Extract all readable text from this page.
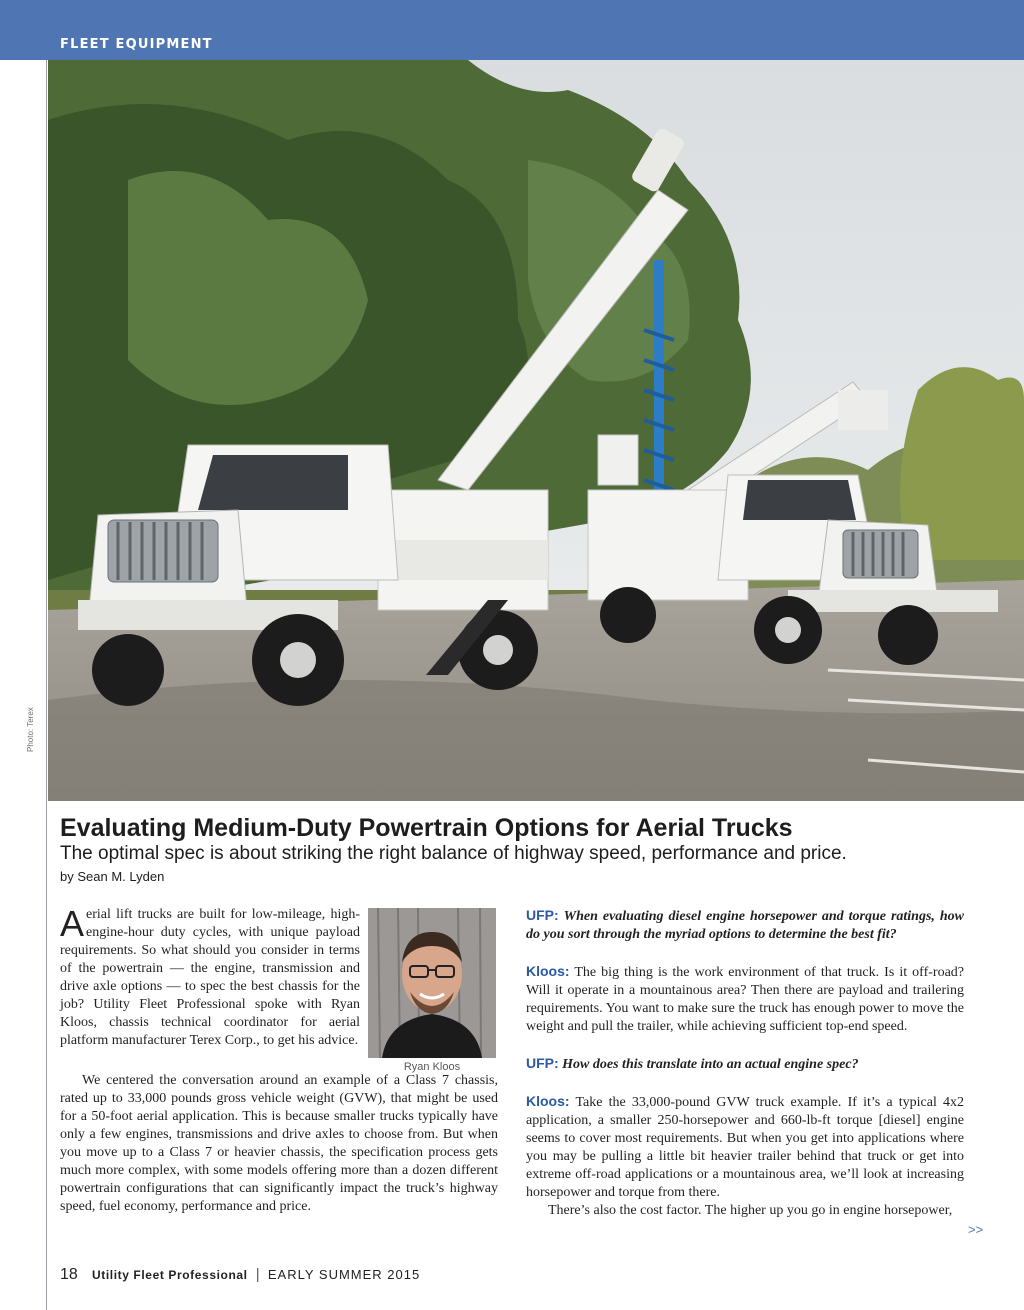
FLEET EQUIPMENT
Photo: Terex
Evaluating Medium-Duty Powertrain Options for Aerial Trucks
The optimal spec is about striking the right balance of highway speed, performance and price.
by Sean M. Lyden
Aerial lift trucks are built for low-mileage, high-engine-hour duty cycles, with unique payload requirements. So what should you consider in terms of the powertrain — the engine, transmission and drive axle options — to spec the best chassis for the job? Utility Fleet Professional spoke with Ryan Kloos, chassis technical coordinator for aerial platform manufacturer Terex Corp., to get his advice.
Ryan Kloos
We centered the conversation around an example of a Class 7 chassis, rated up to 33,000 pounds gross vehicle weight (GVW), that might be used for a 50-foot aerial application. This is because smaller trucks typically have only a few engines, transmissions and drive axles to choose from. But when you move up to a Class 7 or heavier chassis, the specification process gets much more complex, with some models offering more than a dozen different powertrain configurations that can significantly impact the truck’s highway speed, fuel economy, performance and price.
UFP: When evaluating diesel engine horsepower and torque ratings, how do you sort through the myriad options to determine the best fit?
Kloos: The big thing is the work environment of that truck. Is it off-road? Will it operate in a mountainous area? Then there are payload and trailering requirements. You want to make sure the truck has enough power to move the weight and pull the trailer, while achieving sufficient top-end speed.
UFP: How does this translate into an actual engine spec?
Kloos: Take the 33,000-pound GVW truck example. If it’s a typical 4x2 application, a smaller 250-horsepower and 660-lb-ft torque [diesel] engine seems to cover most requirements. But when you get into applications where you may be pulling a little bit heavier trailer behind that truck or get into extreme off-road applications or a mountainous area, we’ll look at increasing horsepower and torque from there.
There’s also the cost factor. The higher up you go in engine horsepower,
>>
18 Utility Fleet Professional | EARLY SUMMER 2015
